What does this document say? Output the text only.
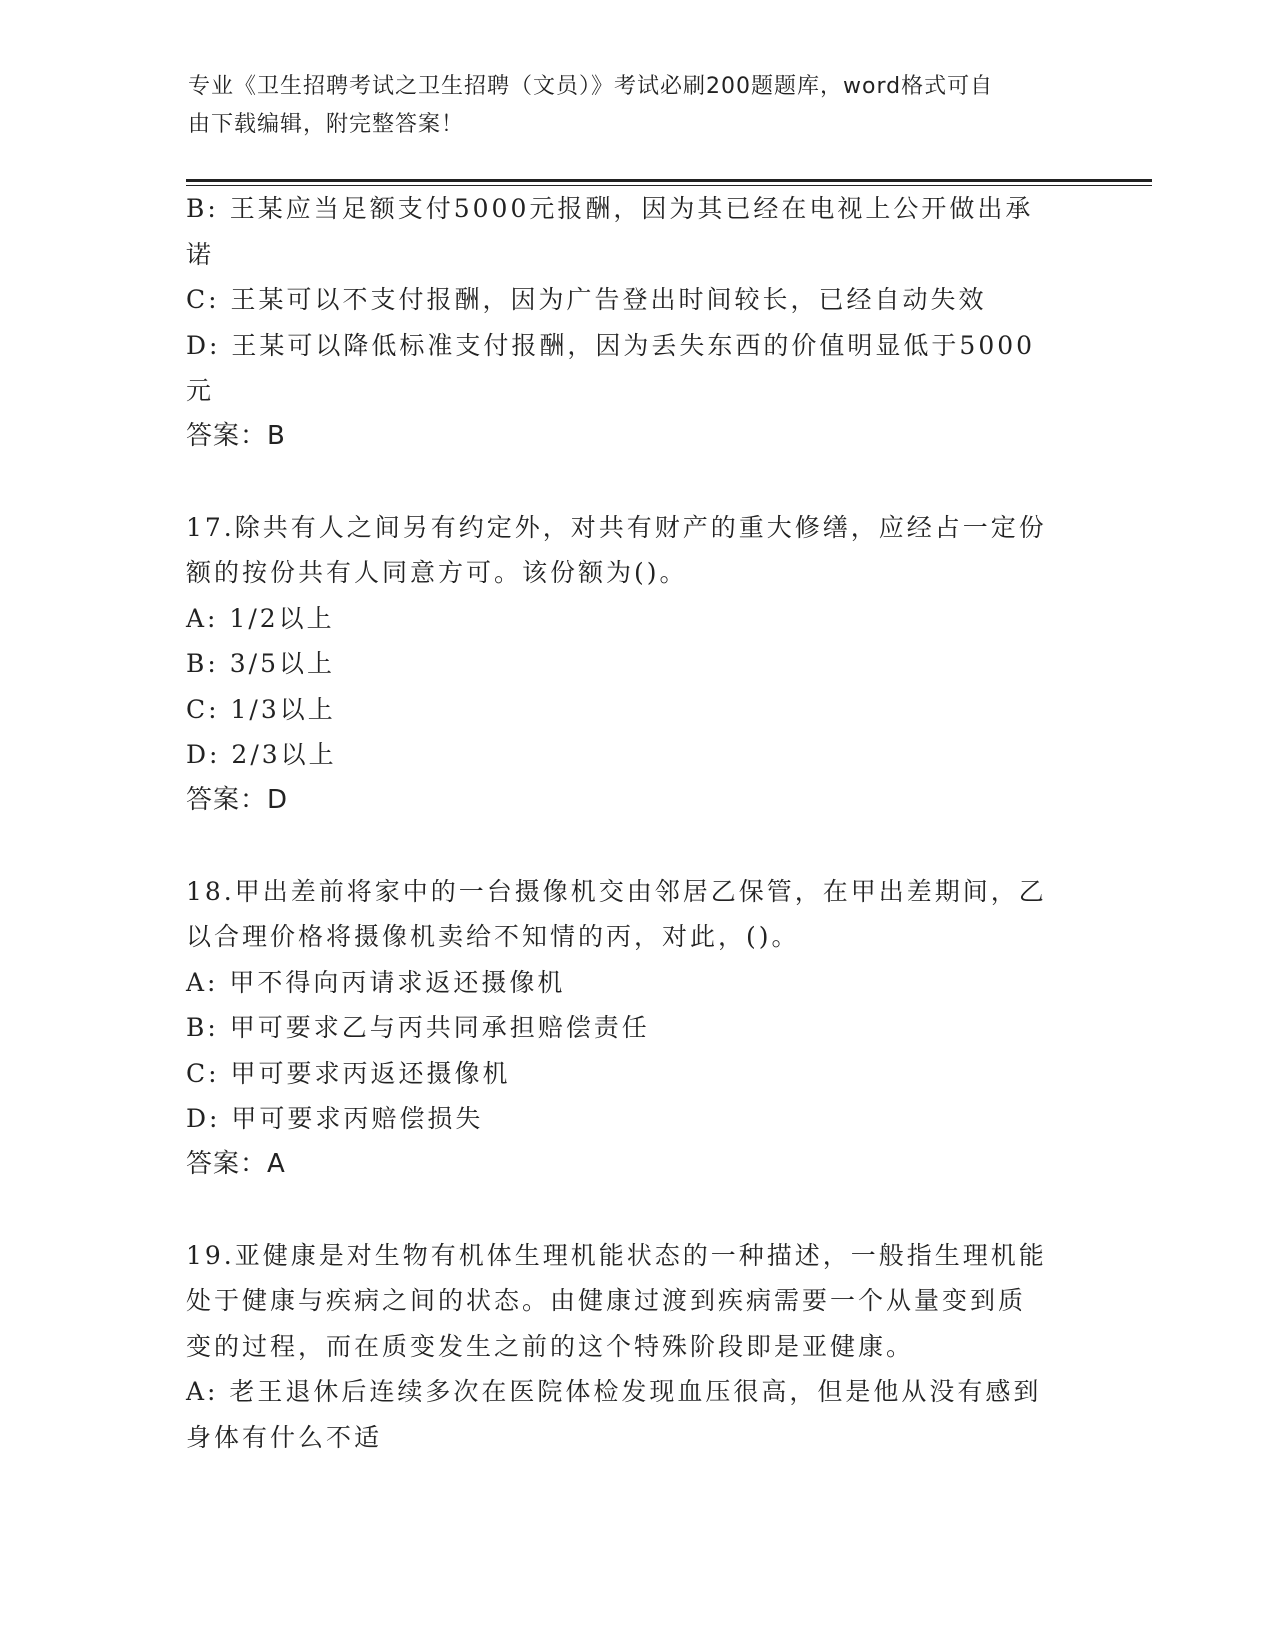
专业《卫生招聘考试之卫生招聘（文员）》考试必刷200题题库，word格式可自
由下载编辑，附完整答案！
B: 王某应当足额支付5000元报酬，因为其已经在电视上公开做出承
诺
C: 王某可以不支付报酬，因为广告登出时间较长，已经自动失效
D: 王某可以降低标准支付报酬，因为丢失东西的价值明显低于5000
元
答案：B
17.除共有人之间另有约定外，对共有财产的重大修缮，应经占一定份
额的按份共有人同意方可。该份额为()。
A: 1/2以上
B: 3/5以上
C: 1/3以上
D: 2/3以上
答案：D
18.甲出差前将家中的一台摄像机交由邻居乙保管，在甲出差期间，乙
以合理价格将摄像机卖给不知情的丙，对此，()。
A: 甲不得向丙请求返还摄像机
B: 甲可要求乙与丙共同承担赔偿责任
C: 甲可要求丙返还摄像机
D: 甲可要求丙赔偿损失
答案：A
19.亚健康是对生物有机体生理机能状态的一种描述，一般指生理机能
处于健康与疾病之间的状态。由健康过渡到疾病需要一个从量变到质
变的过程，而在质变发生之前的这个特殊阶段即是亚健康。
A: 老王退休后连续多次在医院体检发现血压很高，但是他从没有感到
身体有什么不适
